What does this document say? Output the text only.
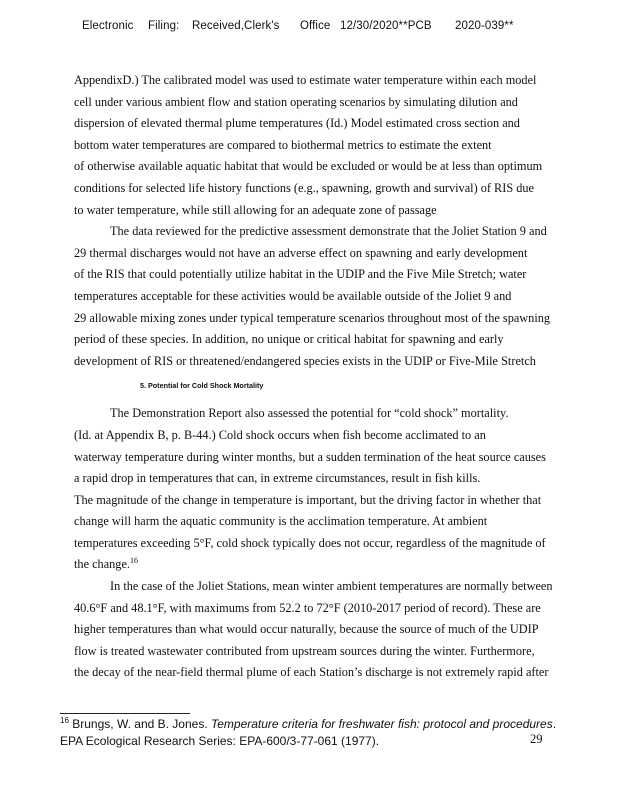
Electronic Filing: Received,Clerk's Office 12/30/2020**PCB 2020-039**
AppendixD.) The calibrated model was used to estimate water temperature within each model
cell under various ambient flow and station operating scenarios by simulating dilution and
dispersion of elevated thermal plume temperatures (Id.) Model estimated cross section and
bottom water temperatures are compared to biothermal metrics to estimate the extent
of otherwise available aquatic habitat that would be excluded or would be at less than optimum
conditions for selected life history functions (e.g., spawning, growth and survival) of RIS due
to water temperature, while still allowing for an adequate zone of passage
The data reviewed for the predictive assessment demonstrate that the Joliet Station 9 and
29 thermal discharges would not have an adverse effect on spawning and early development
of the RIS that could potentially utilize habitat in the UDIP and the Five Mile Stretch; water
temperatures acceptable for these activities would be available outside of the Joliet 9 and
29 allowable mixing zones under typical temperature scenarios throughout most of the spawning
period of these species. In addition, no unique or critical habitat for spawning and early
development of RIS or threatened/endangered species exists in the UDIP or Five-Mile Stretch
5. Potential for Cold Shock Mortality
The Demonstration Report also assessed the potential for “cold shock” mortality.
(Id. at Appendix B, p. B-44.) Cold shock occurs when fish become acclimated to an
waterway temperature during winter months, but a sudden termination of the heat source causes
a rapid drop in temperatures that can, in extreme circumstances, result in fish kills.
The magnitude of the change in temperature is important, but the driving factor in whether that
change will harm the aquatic community is the acclimation temperature. At ambient
temperatures exceeding 5°F, cold shock typically does not occur, regardless of the magnitude of
the change.$^{16}$
In the case of the Joliet Stations, mean winter ambient temperatures are normally between
40.6°F and 48.1°F, with maximums from 52.2 to 72°F (2010-2017 period of record). These are
higher temperatures than what would occur naturally, because the source of much of the UDIP
flow is treated wastewater contributed from upstream sources during the winter. Furthermore,
the decay of the near-field thermal plume of each Station’s discharge is not extremely rapid after
$^{16}$ Brungs, W. and B. Jones. Temperature criteria for freshwater fish: protocol and procedures.
EPA Ecological Research Series: EPA-600/3-77-061 (1977).	29
